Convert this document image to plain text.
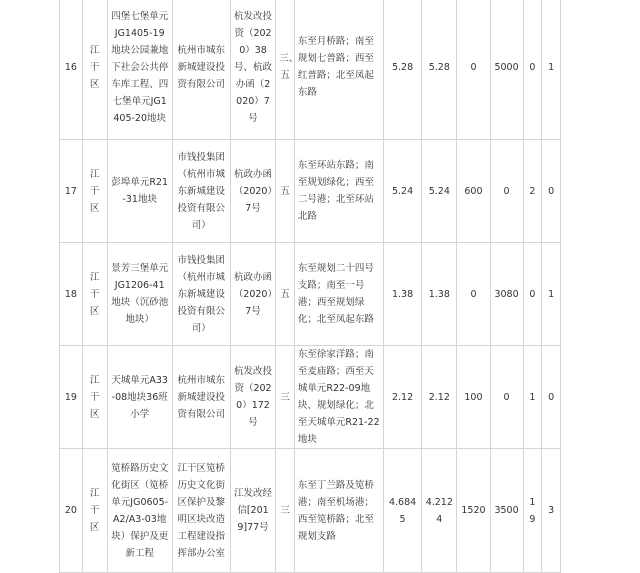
16	江干区	四堡七堡单元JG1405-19地块公园兼地下社会公共停车库工程、四七堡单元JG1405-20地块	杭州市城东新城建设投资有限公司	杭发改投资（2020）38号、杭政办函（2020）7号	三、五	东至月桥路；南至规划七普路；西至红普路；北至凤起东路	5.28	5.28	0	5000	0	1
17	江干区	彭埠单元R21-31地块	市钱投集团（杭州市城东新城建设投资有限公司）	杭政办函（2020）7号	五	东至环站东路；南至规划绿化；西至二号港；北至环站北路	5.24	5.24	600	0	2	0
18	江干区	景芳三堡单元JG1206-41地块（沉砂池地块）	市钱投集团（杭州市城东新城建设投资有限公司）	杭政办函（2020）7号	五	东至规划二十四号支路；南至一号港；西至规划绿化；北至凤起东路	1.38	1.38	0	3080	0	1
19	江干区	天城单元A33-08地块36班小学	杭州市城东新城建设投资有限公司	杭发改投资（2020）172号	三	东至徐家洋路；南至麦庙路；西至天城单元R22-09地块、规划绿化；北至天城单元R21-22地块	2.12	2.12	100	0	1	0
20	江干区	笕桥路历史文化街区（笕桥单元JG0605-A2/A3-03地块）保护及更新工程	江干区笕桥历史文化街区保护及黎明区块改造工程建设指挥部办公室	江发改经信[2019]77号	三	东至丁兰路及笕桥港；南至机场港；西至笕桥路；北至规划支路	4.6845	4.2124	1520	3500	19	3
